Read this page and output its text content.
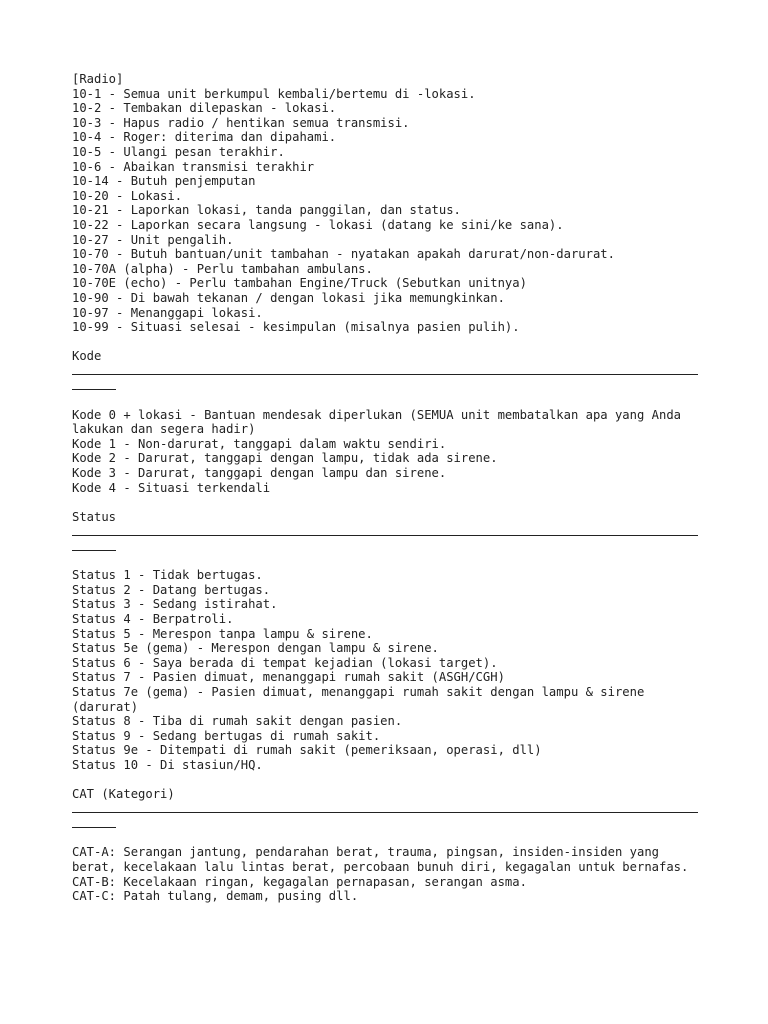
[Radio]

10-1 - Semua unit berkumpul kembali/bertemu di -lokasi.

10-2 - Tembakan dilepaskan - lokasi.

10-3 - Hapus radio / hentikan semua transmisi.

10-4 - Roger: diterima dan dipahami.

10-5 - Ulangi pesan terakhir.

10-6 - Abaikan transmisi terakhir

10-14 - Butuh penjemputan

10-20 - Lokasi.

10-21 - Laporkan lokasi, tanda panggilan, dan status.

10-22 - Laporkan secara langsung - lokasi (datang ke sini/ke sana).

10-27 - Unit pengalih.

10-70 - Butuh bantuan/unit tambahan - nyatakan apakah darurat/non-darurat.

10-70A (alpha) - Perlu tambahan ambulans.

10-70E (echo) - Perlu tambahan Engine/Truck (Sebutkan unitnya)

10-90 - Di bawah tekanan / dengan lokasi jika memungkinkan.

10-97 - Menanggapi lokasi.

10-99 - Situasi selesai - kesimpulan (misalnya pasien pulih).

Kode

Kode 0 + lokasi - Bantuan mendesak diperlukan (SEMUA unit membatalkan apa yang Anda lakukan dan segera hadir)

Kode 1 - Non-darurat, tanggapi dalam waktu sendiri.

Kode 2 - Darurat, tanggapi dengan lampu, tidak ada sirene.

Kode 3 - Darurat, tanggapi dengan lampu dan sirene.

Kode 4 - Situasi terkendali

Status

Status 1 - Tidak bertugas.

Status 2 - Datang bertugas.

Status 3 - Sedang istirahat.

Status 4 - Berpatroli.

Status 5 - Merespon tanpa lampu & sirene.

Status 5e (gema) - Merespon dengan lampu & sirene.

Status 6 - Saya berada di tempat kejadian (lokasi target).

Status 7 - Pasien dimuat, menanggapi rumah sakit (ASGH/CGH)

Status 7e (gema) - Pasien dimuat, menanggapi rumah sakit dengan lampu & sirene (darurat)

Status 8 - Tiba di rumah sakit dengan pasien.

Status 9 - Sedang bertugas di rumah sakit.

Status 9e - Ditempati di rumah sakit (pemeriksaan, operasi, dll)

Status 10 - Di stasiun/HQ.

CAT (Kategori)

CAT-A: Serangan jantung, pendarahan berat, trauma, pingsan, insiden-insiden yang berat, kecelakaan lalu lintas berat, percobaan bunuh diri, kegagalan untuk bernafas.

CAT-B: Kecelakaan ringan, kegagalan pernapasan, serangan asma.

CAT-C: Patah tulang, demam, pusing dll.
